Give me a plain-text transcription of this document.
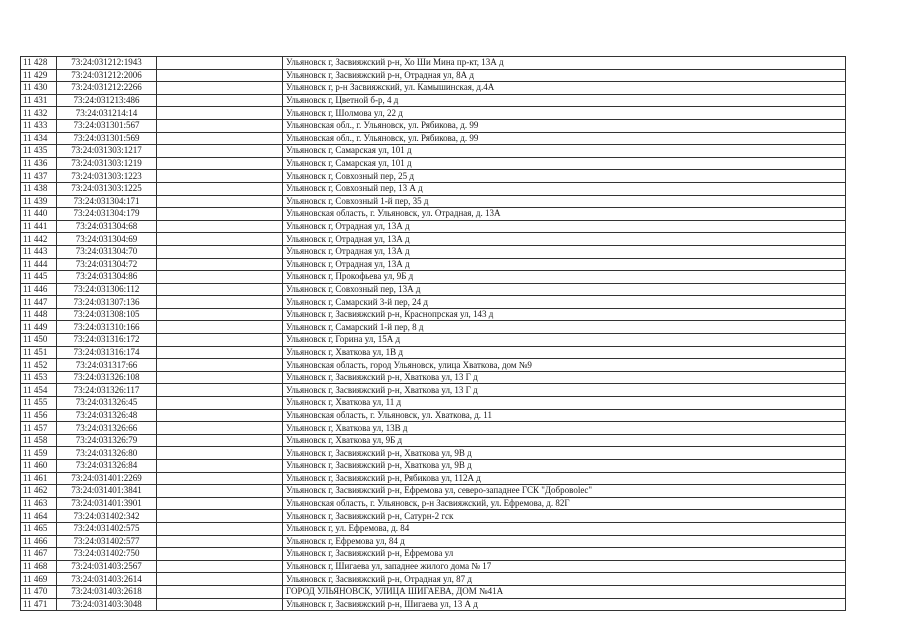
11 428	73:24:031212:1943		Ульяновск г, Засвияжский р-н, Хо Ши Мина пр-кт, 13А д
11 429	73:24:031212:2006		Ульяновск г, Засвияжский р-н, Отрадная ул, 8А д
11 430	73:24:031212:2266		Ульяновск г, р-н Засвияжский, ул. Камышинская, д.4А
11 431	73:24:031213:486		Ульяновск г, Цветной б-р, 4 д
11 432	73:24:031214:14		Ульяновск г, Шолмова ул, 22 д
11 433	73:24:031301:567		Ульяновская обл., г. Ульяновск, ул. Рябикова, д. 99
11 434	73:24:031301:569		Ульяновская обл., г. Ульяновск, ул. Рябикова, д. 99
11 435	73:24:031303:1217		Ульяновск г, Самарская ул, 101 д
11 436	73:24:031303:1219		Ульяновск г, Самарская ул, 101 д
11 437	73:24:031303:1223		Ульяновск г, Совхозный пер, 25 д
11 438	73:24:031303:1225		Ульяновск г, Совхозный пер, 13 А д
11 439	73:24:031304:171		Ульяновск г, Совхозный 1-й пер, 35 д
11 440	73:24:031304:179		Ульяновская область, г. Ульяновск, ул. Отрадная, д. 13А
11 441	73:24:031304:68		Ульяновск г, Отрадная ул, 13А д
11 442	73:24:031304:69		Ульяновск г, Отрадная ул, 13А д
11 443	73:24:031304:70		Ульяновск г, Отрадная ул, 13А д
11 444	73:24:031304:72		Ульяновск г, Отрадная ул, 13А д
11 445	73:24:031304:86		Ульяновск г, Прокофьева ул, 9Б д
11 446	73:24:031306:112		Ульяновск г, Совхозный пер, 13А д
11 447	73:24:031307:136		Ульяновск г, Самарский 3-й пер, 24 д
11 448	73:24:031308:105		Ульяновск г, Засвияжский р-н, Краснопрская ул, 143 д
11 449	73:24:031310:166		Ульяновск г, Самарский 1-й пер, 8 д
11 450	73:24:031316:172		Ульяновск г, Горина ул, 15А д
11 451	73:24:031316:174		Ульяновск г, Хваткова ул, 1В д
11 452	73:24:031317:66		Ульяновская область, город Ульяновск, улица Хваткова, дом №9
11 453	73:24:031326:108		Ульяновск г, Засвияжский р-н, Хваткова ул, 13 Г д
11 454	73:24:031326:117		Ульяновск г, Засвияжский р-н, Хваткова ул, 13 Г д
11 455	73:24:031326:45		Ульяновск г, Хваткова ул, 11 д
11 456	73:24:031326:48		Ульяновская область, г. Ульяновск, ул. Хваткова, д. 11
11 457	73:24:031326:66		Ульяновск г, Хваткова ул, 13В д
11 458	73:24:031326:79		Ульяновск г, Хваткова ул, 9Б д
11 459	73:24:031326:80		Ульяновск г, Засвияжский р-н, Хваткова ул, 9В д
11 460	73:24:031326:84		Ульяновск г, Засвияжский р-н, Хваткова ул, 9В д
11 461	73:24:031401:2269		Ульяновск г, Засвияжский р-н, Рябикова ул, 112А д
11 462	73:24:031401:3841		Ульяновск г, Засвияжский р-н, Ефремова ул, северо-западнее ГСК "Добровolec"
11 463	73:24:031401:3901		Ульяновская область, г. Ульяновск, р-н Засвияжский, ул. Ефремова, д. 82Г
11 464	73:24:031402:342		Ульяновск г, Засвияжский р-н, Сатурн-2 гск
11 465	73:24:031402:575		Ульяновск г, ул. Ефремова, д. 84
11 466	73:24:031402:577		Ульяновск г, Ефремова ул, 84 д
11 467	73:24:031402:750		Ульяновск г, Засвияжский р-н, Ефремова ул
11 468	73:24:031403:2567		Ульяновск г, Шигаева ул, западнее жилого дома № 17
11 469	73:24:031403:2614		Ульяновск г, Засвияжский р-н, Отрадная ул, 87 д
11 470	73:24:031403:2618		ГОРОД УЛЬЯНОВСК, УЛИЦА ШИГАЕВА, ДОМ №41А
11 471	73:24:031403:3048		Ульяновск г, Засвияжский р-н, Шигаева ул, 13 А д
